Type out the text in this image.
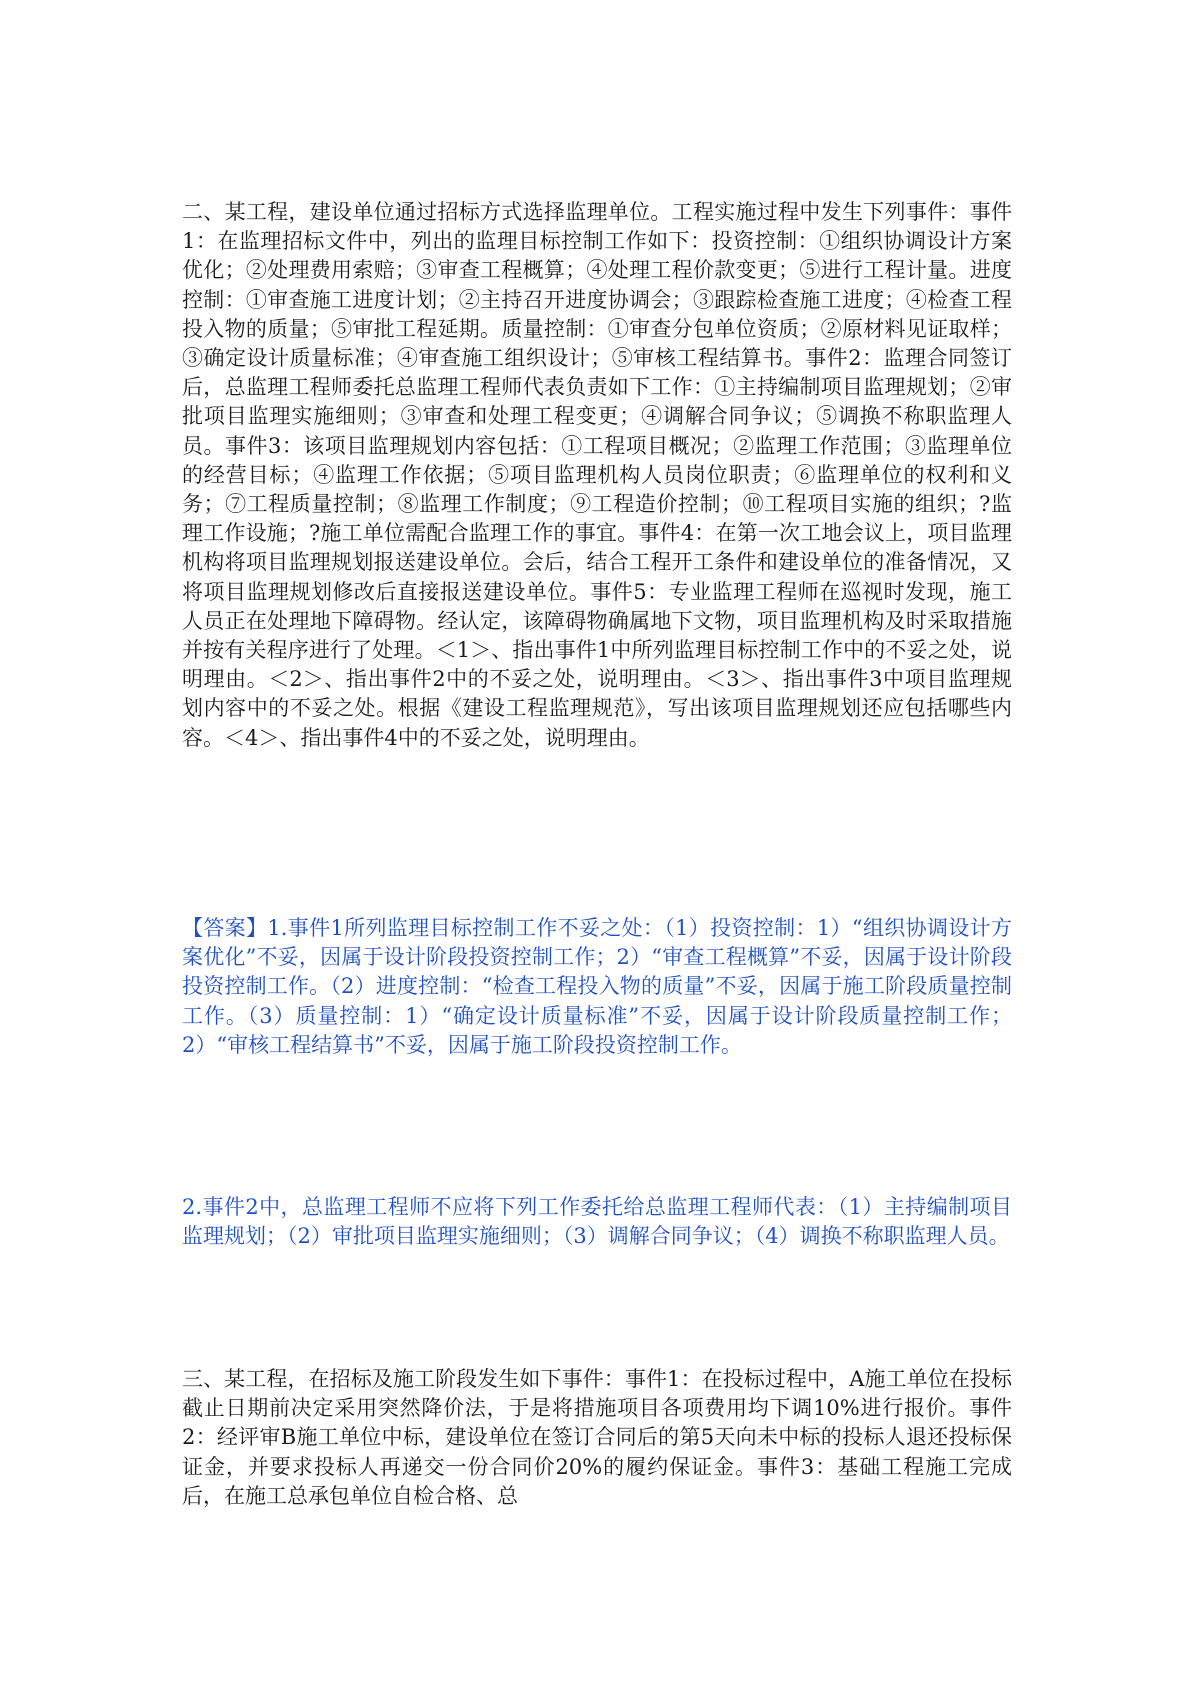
二、某工程，建设单位通过招标方式选择监理单位。工程实施过程中发生下列事件：事件1：在监理招标文件中，列出的监理目标控制工作如下：投资控制：①组织协调设计方案优化；②处理费用索赔；③审查工程概算；④处理工程价款变更；⑤进行工程计量。进度控制：①审查施工进度计划；②主持召开进度协调会；③跟踪检查施工进度；④检查工程投入物的质量；⑤审批工程延期。质量控制：①审查分包单位资质；②原材料见证取样；③确定设计质量标准；④审查施工组织设计；⑤审核工程结算书。事件2：监理合同签订后，总监理工程师委托总监理工程师代表负责如下工作：①主持编制项目监理规划；②审批项目监理实施细则；③审查和处理工程变更；④调解合同争议；⑤调换不称职监理人员。事件3：该项目监理规划内容包括：①工程项目概况；②监理工作范围；③监理单位的经营目标；④监理工作依据；⑤项目监理机构人员岗位职责；⑥监理单位的权利和义务；⑦工程质量控制；⑧监理工作制度；⑨工程造价控制；⑩工程项目实施的组织；?监理工作设施；?施工单位需配合监理工作的事宜。事件4：在第一次工地会议上，项目监理机构将项目监理规划报送建设单位。会后，结合工程开工条件和建设单位的准备情况，又将项目监理规划修改后直接报送建设单位。事件5：专业监理工程师在巡视时发现，施工人员正在处理地下障碍物。经认定，该障碍物确属地下文物，项目监理机构及时采取措施并按有关程序进行了处理。＜1＞、指出事件1中所列监理目标控制工作中的不妥之处，说明理由。＜2＞、指出事件2中的不妥之处，说明理由。＜3＞、指出事件3中项目监理规划内容中的不妥之处。根据《建设工程监理规范》，写出该项目监理规划还应包括哪些内容。＜4＞、指出事件4中的不妥之处，说明理由。

【答案】1.事件1所列监理目标控制工作不妥之处：（1）投资控制：1）“组织协调设计方案优化”不妥，因属于设计阶段投资控制工作；2）“审查工程概算”不妥，因属于设计阶段投资控制工作。（2）进度控制：“检查工程投入物的质量”不妥，因属于施工阶段质量控制工作。（3）质量控制：1）“确定设计质量标准”不妥，因属于设计阶段质量控制工作；2）“审核工程结算书”不妥，因属于施工阶段投资控制工作。

2.事件2中，总监理工程师不应将下列工作委托给总监理工程师代表：（1）主持编制项目监理规划；（2）审批项目监理实施细则；（3）调解合同争议；（4）调换不称职监理人员。

三、某工程，在招标及施工阶段发生如下事件：事件1：在投标过程中，A施工单位在投标截止日期前决定采用突然降价法，于是将措施项目各项费用均下调10%进行报价。事件2：经评审B施工单位中标，建设单位在签订合同后的第5天向未中标的投标人退还投标保证金，并要求投标人再递交一份合同价20%的履约保证金。事件3：基础工程施工完成后，在施工总承包单位自检合格、总
